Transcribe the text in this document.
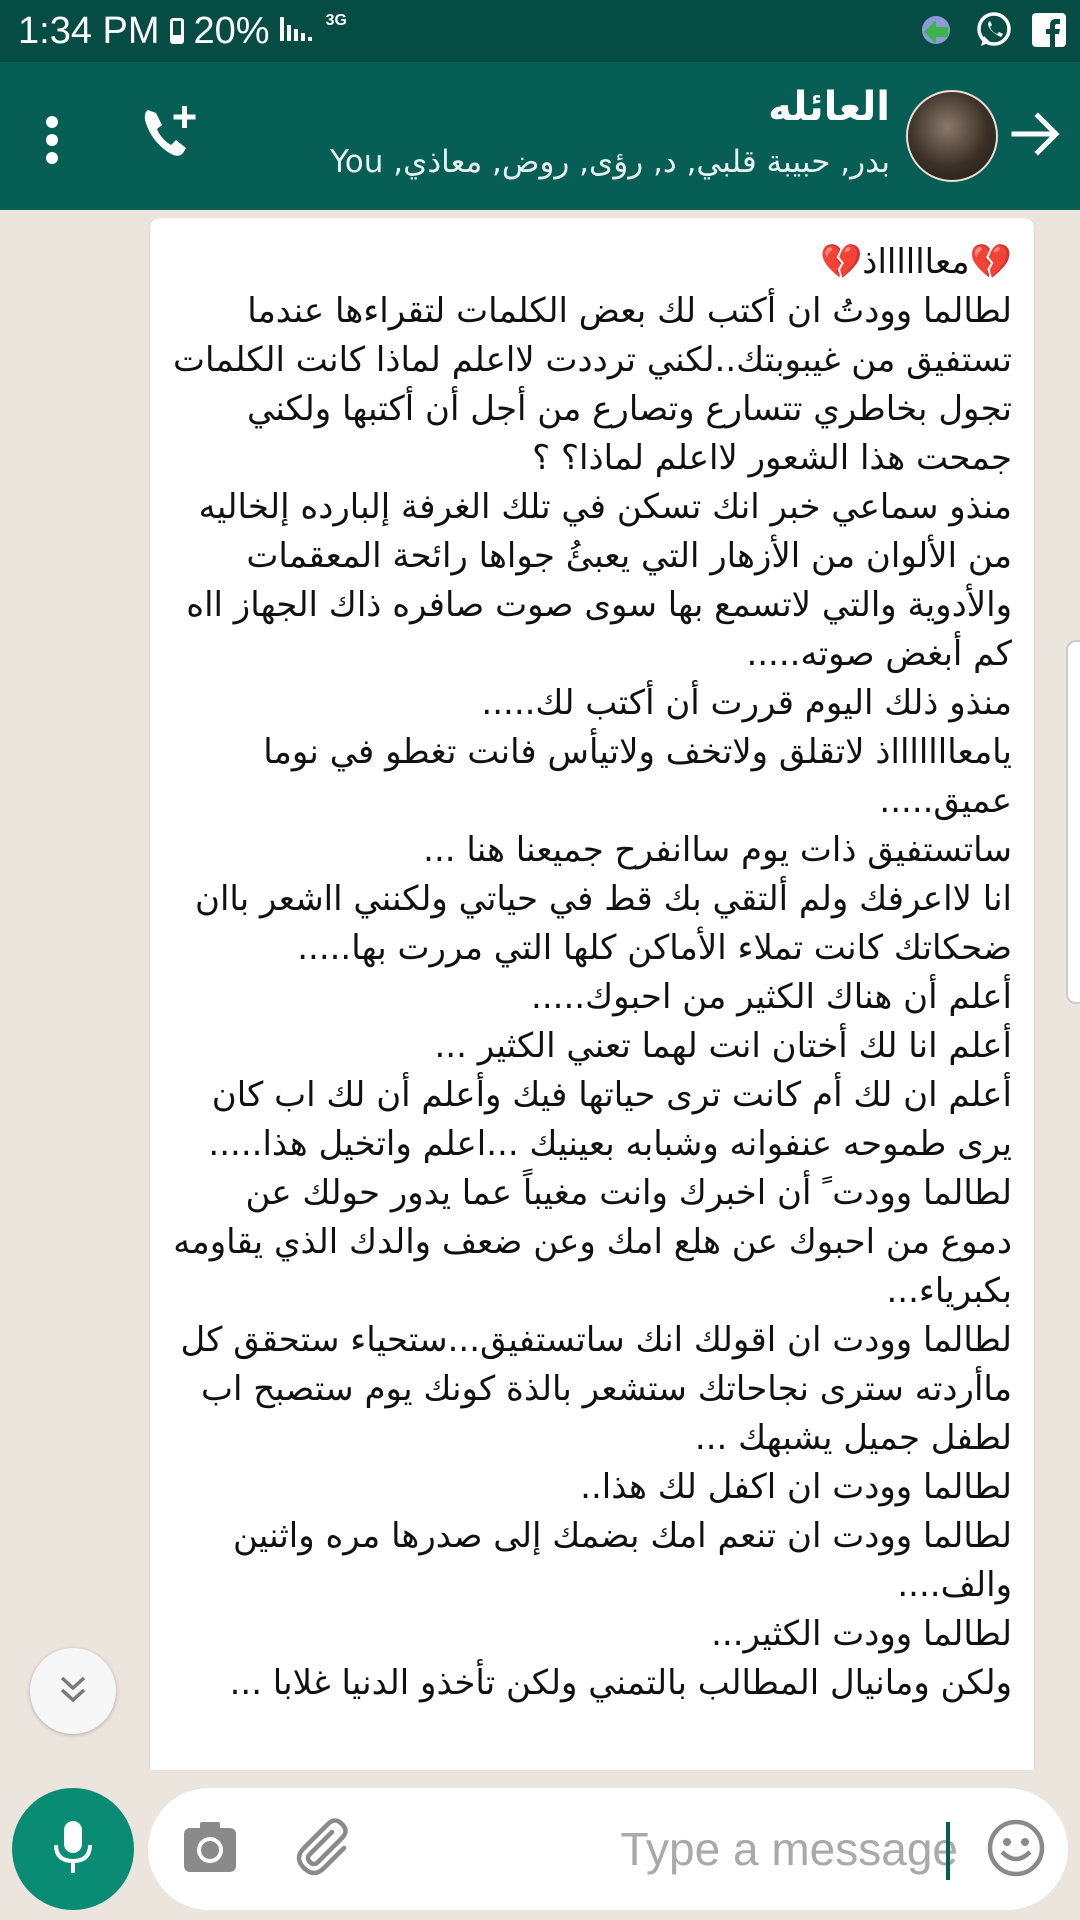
1:34 PM 20%	3G
العائله
بدر, حبيبة قلبي, د, رؤى, روض, معاذي, You
💔معااااااذ💔
لطالما وودتُ ان أكتب لك بعض الكلمات لتقراءها عندما تستفيق من غيبوبتك..لكني ترددت لااعلم لماذا كانت الكلمات تجول بخاطري تتسارع وتصارع من أجل أن أكتبها ولكني جمحت هذا الشعور لااعلم لماذا؟ ؟
منذو سماعي خبر انك تسكن في تلك الغرفة إلبارده إلخاليه من الألوان من الأزهار التي يعبئُ جواها رائحة المعقمات والأدوية والتي لاتسمع بها سوى صوت صافره ذاك الجهاز ااه كم أبغض صوته.....
منذو ذلك اليوم قررت أن أكتب لك.....
يامعاااااااذ لاتقلق ولاتخف ولاتيأس فانت تغطو في نوما عميق.....
ساتستفيق ذات يوم ساانفرح جميعنا هنا ...
انا لااعرفك ولم ألتقي بك قط في حياتي ولكنني ااشعر باان ضحكاتك كانت تملاء الأماكن كلها التي مررت بها.....
أعلم أن هناك الكثير من احبوك.....
أعلم انا لك أختان انت لهما تعني الكثير ...
أعلم ان لك أم كانت ترى حياتها فيك وأعلم أن لك اب كان يرى طموحه عنفوانه وشبابه بعينيك ...اعلم واتخيل هذا.....
لطالما وودت ً أن اخبرك وانت مغيباً عما يدور حولك عن دموع من احبوك عن هلع امك وعن ضعف والدك الذي يقاومه بكبرياء...
لطالما وودت ان اقولك انك ساتستفيق...ستحياء ستحقق كل ماأردته سترى نجاحاتك ستشعر بالذة كونك يوم ستصبح اب لطفل جميل يشبهك ...
لطالما وودت ان اكفل لك هذا..
لطالما وودت ان تنعم امك بضمك إلى صدرها مره واثنين والف....
لطالما وودت الكثير...
ولكن ومانيال المطالب بالتمني ولكن تأخذو الدنيا غلابا ...
Type a message
